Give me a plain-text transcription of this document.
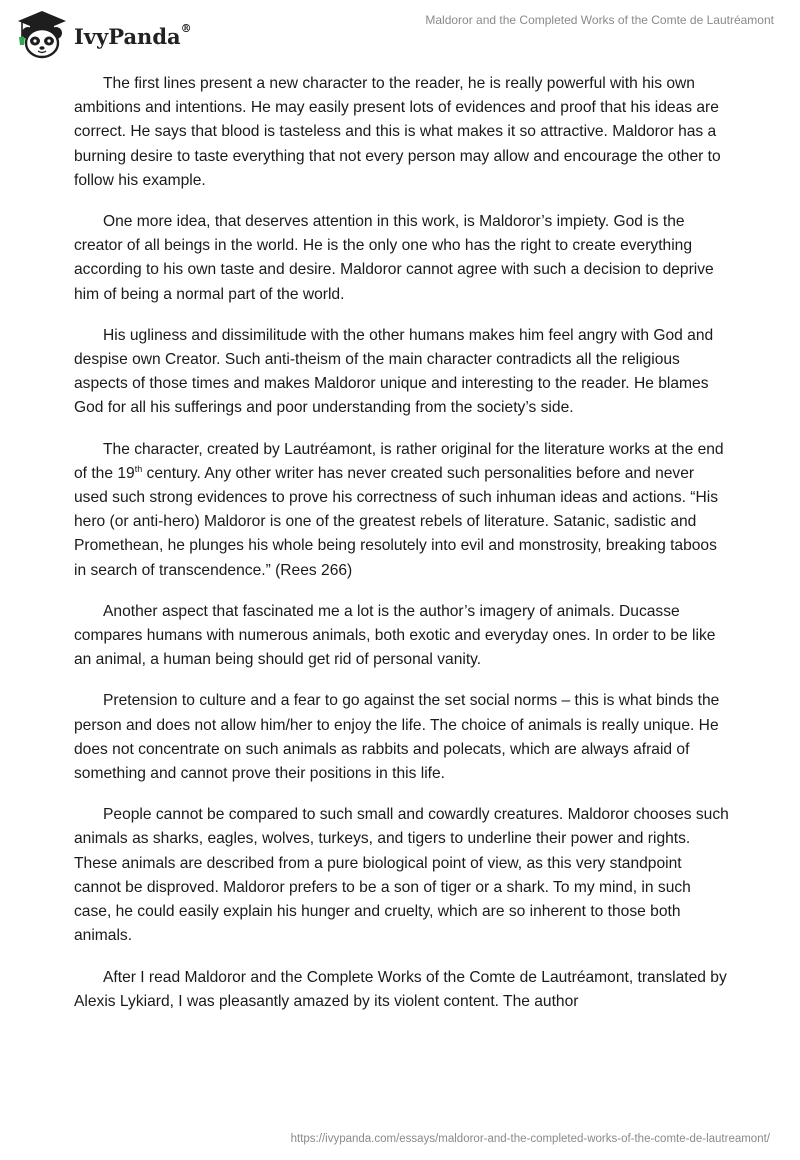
IvyPanda®
Maldoror and the Completed Works of the Comte de Lautréamont

The first lines present a new character to the reader, he is really powerful with his own ambitions and intentions. He may easily present lots of evidences and proof that his ideas are correct. He says that blood is tasteless and this is what makes it so attractive. Maldoror has a burning desire to taste everything that not every person may allow and encourage the other to follow his example.

One more idea, that deserves attention in this work, is Maldoror’s impiety. God is the creator of all beings in the world. He is the only one who has the right to create everything according to his own taste and desire. Maldoror cannot agree with such a decision to deprive him of being a normal part of the world.

His ugliness and dissimilitude with the other humans makes him feel angry with God and despise own Creator. Such anti-theism of the main character contradicts all the religious aspects of those times and makes Maldoror unique and interesting to the reader. He blames God for all his sufferings and poor understanding from the society’s side.

The character, created by Lautréamont, is rather original for the literature works at the end of the 19th century. Any other writer has never created such personalities before and never used such strong evidences to prove his correctness of such inhuman ideas and actions. “His hero (or anti-hero) Maldoror is one of the greatest rebels of literature. Satanic, sadistic and Promethean, he plunges his whole being resolutely into evil and monstrosity, breaking taboos in search of transcendence.” (Rees 266)

Another aspect that fascinated me a lot is the author’s imagery of animals. Ducasse compares humans with numerous animals, both exotic and everyday ones. In order to be like an animal, a human being should get rid of personal vanity.

Pretension to culture and a fear to go against the set social norms – this is what binds the person and does not allow him/her to enjoy the life. The choice of animals is really unique. He does not concentrate on such animals as rabbits and polecats, which are always afraid of something and cannot prove their positions in this life.

People cannot be compared to such small and cowardly creatures. Maldoror chooses such animals as sharks, eagles, wolves, turkeys, and tigers to underline their power and rights. These animals are described from a pure biological point of view, as this very standpoint cannot be disproved. Maldoror prefers to be a son of tiger or a shark. To my mind, in such case, he could easily explain his hunger and cruelty, which are so inherent to those both animals.

After I read Maldoror and the Complete Works of the Comte de Lautréamont, translated by Alexis Lykiard, I was pleasantly amazed by its violent content. The author

https://ivypanda.com/essays/maldoror-and-the-completed-works-of-the-comte-de-lautreamont/
